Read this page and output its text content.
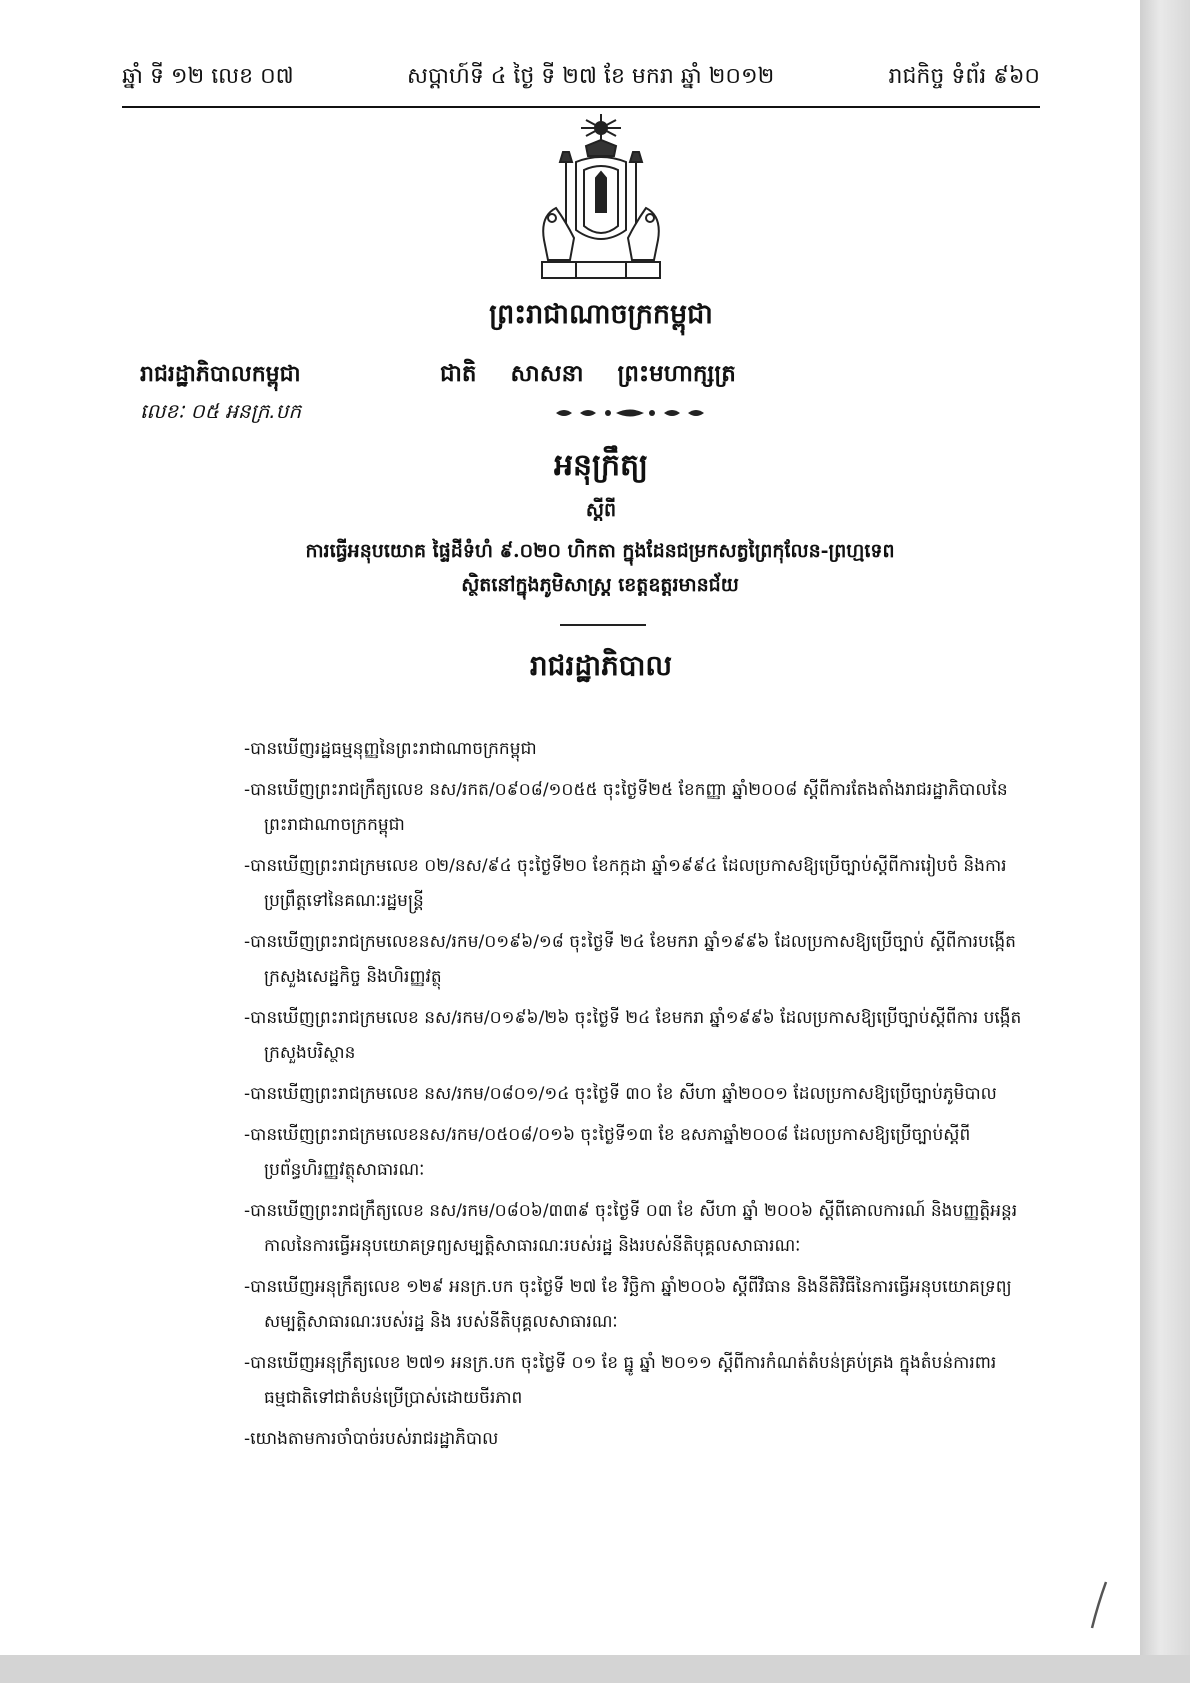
ឆ្នាំ ទី ១២ លេខ ០៧	សប្តាហ៍ទី ៤ ថ្ងៃ ទី ២៧ ខែ មករា ឆ្នាំ ២០១២	រាជកិច្ច ទំព័រ ៩៦០
ព្រះរាជាណាចក្រកម្ពុជា
រាជរដ្ឋាភិបាលកម្ពុជា
លេខៈ ០៥ អនក្រ.បក
ជាតិ សាសនា ព្រះមហាក្សត្រ
អនុក្រឹត្យ
ស្តីពី
ការធ្វើអនុបយោគ ផ្ទៃដីទំហំ ៩.០២០ ហិកតា ក្នុងដែនជម្រកសត្វព្រៃកុលែន-ព្រហ្មទេព
ស្ថិតនៅក្នុងភូមិសាស្ត្រ ខេត្តឧត្តរមានជ័យ
រាជរដ្ឋាភិបាល
-បានឃើញរដ្ឋធម្មនុញ្ញនៃព្រះរាជាណាចក្រកម្ពុជា
-បានឃើញព្រះរាជក្រឹត្យលេខ នស/រកត/០៩០៨/១០៥៥ ចុះថ្ងៃទី២៥ ខែកញ្ញា ឆ្នាំ២០០៨ ស្តីពីការតែងតាំងរាជរដ្ឋាភិបាលនៃព្រះរាជាណាចក្រកម្ពុជា
-បានឃើញព្រះរាជក្រមលេខ ០២/នស/៩៤ ចុះថ្ងៃទី២០ ខែកក្កដា ឆ្នាំ១៩៩៤ ដែលប្រកាសឱ្យប្រើច្បាប់ស្តីពីការរៀបចំ និងការប្រព្រឹត្តទៅនៃគណៈរដ្ឋមន្ត្រី
-បានឃើញព្រះរាជក្រមលេខនស/រកម/០១៩៦/១៨ ចុះថ្ងៃទី ២៤ ខែមករា ឆ្នាំ១៩៩៦ ដែលប្រកាសឱ្យប្រើច្បាប់ ស្តីពីការបង្កើតក្រសួងសេដ្ឋកិច្ច និងហិរញ្ញវត្ថុ
-បានឃើញព្រះរាជក្រមលេខ នស/រកម/០១៩៦/២៦ ចុះថ្ងៃទី ២៤ ខែមករា ឆ្នាំ១៩៩៦ ដែលប្រកាសឱ្យប្រើច្បាប់ស្តីពីការ បង្កើតក្រសួងបរិស្ថាន
-បានឃើញព្រះរាជក្រមលេខ នស/រកម/០៨០១/១៤ ចុះថ្ងៃទី ៣០ ខែ សីហា ឆ្នាំ២០០១ ដែលប្រកាសឱ្យប្រើច្បាប់ភូមិបាល
-បានឃើញព្រះរាជក្រមលេខនស/រកម/០៥០៨/០១៦ ចុះថ្ងៃទី១៣ ខែ ឧសភាឆ្នាំ២០០៨ ដែលប្រកាសឱ្យប្រើច្បាប់ស្តីពីប្រព័ន្ធហិរញ្ញវត្ថុសាធារណៈ
-បានឃើញព្រះរាជក្រឹត្យលេខ នស/រកម/០៨០៦/៣៣៩ ចុះថ្ងៃទី ០៣ ខែ សីហា ឆ្នាំ ២០០៦ ស្តីពីគោលការណ៍ និងបញ្ញត្តិអន្តរកាលនៃការធ្វើអនុបយោគទ្រព្យសម្បត្តិសាធារណៈរបស់រដ្ឋ និងរបស់នីតិបុគ្គលសាធារណៈ
-បានឃើញអនុក្រឹត្យលេខ ១២៩ អនក្រ.បក ចុះថ្ងៃទី ២៧ ខែ វិច្ឆិកា ឆ្នាំ២០០៦ ស្តីពីវិធាន និងនីតិវិធីនៃការធ្វើអនុបយោគទ្រព្យសម្បត្តិសាធារណៈរបស់រដ្ឋ និង របស់នីតិបុគ្គលសាធារណៈ
-បានឃើញអនុក្រឹត្យលេខ ២៧១ អនក្រ.បក ចុះថ្ងៃទី ០១ ខែ ធ្នូ ឆ្នាំ ២០១១ ស្តីពីការកំណត់តំបន់គ្រប់គ្រង ក្នុងតំបន់ការពារធម្មជាតិទៅជាតំបន់ប្រើប្រាស់ដោយចីរភាព
-យោងតាមការចាំបាច់របស់រាជរដ្ឋាភិបាល
